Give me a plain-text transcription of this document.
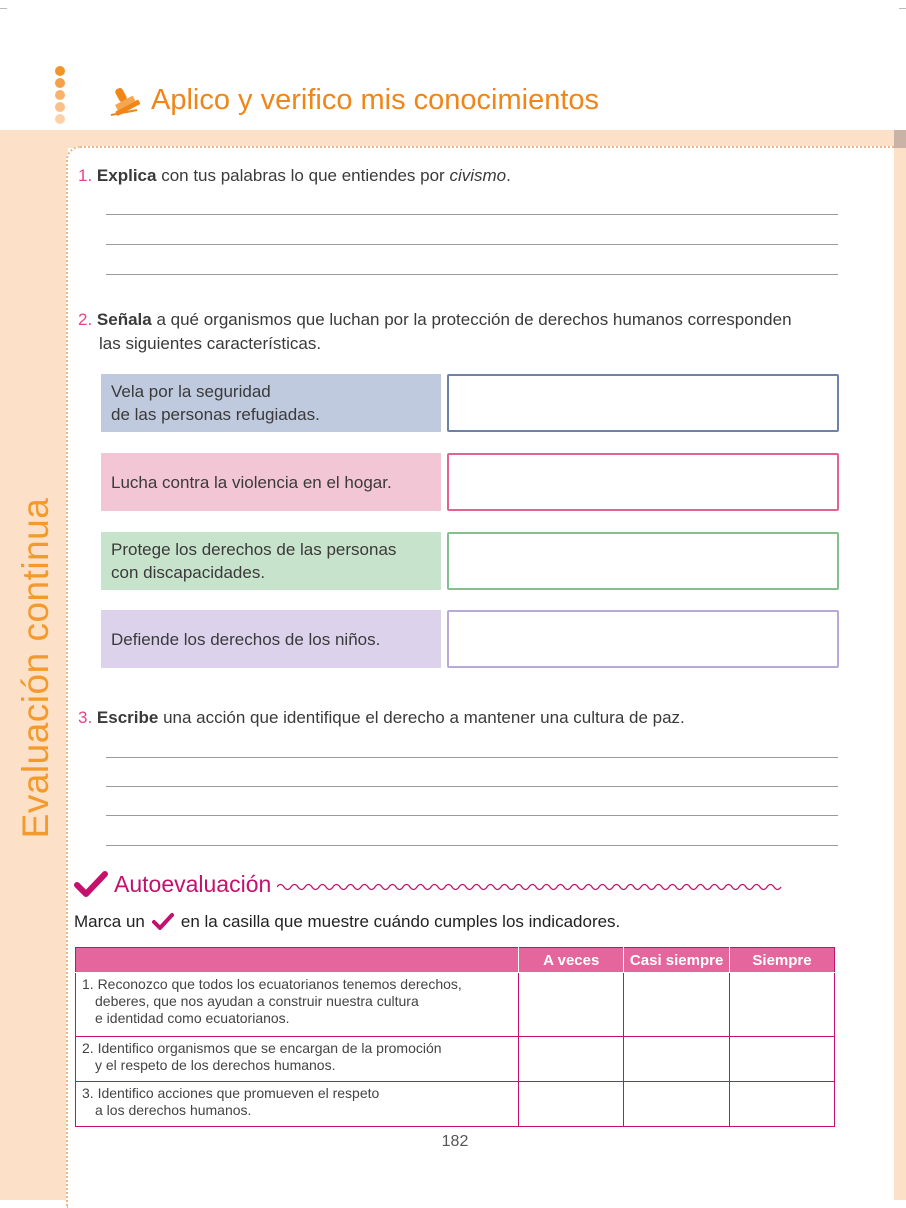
Evaluación continua
Aplico y verifico mis conocimientos
1. Explica con tus palabras lo que entiendes por civismo.
2. Señala a qué organismos que luchan por la protección de derechos humanos corresponden
las siguientes características.
Vela por la seguridad
de las personas refugiadas.
Lucha contra la violencia en el hogar.
Protege los derechos de las personas
con discapacidades.
Defiende los derechos de los niños.
3. Escribe una acción que identifique el derecho a mantener una cultura de paz.
Autoevaluación
Marca un en la casilla que muestre cuándo cumples los indicadores.
	A veces	Casi siempre	Siempre

1. Reconozco que todos los ecuatorianos tenemos derechos,
deberes, que nos ayudan a construir nuestra cultura
e identidad como ecuatorianos.			

2. Identifico organismos que se encargan de la promoción
y el respeto de los derechos humanos.			

3. Identifico acciones que promueven el respeto
a los derechos humanos.			

182
